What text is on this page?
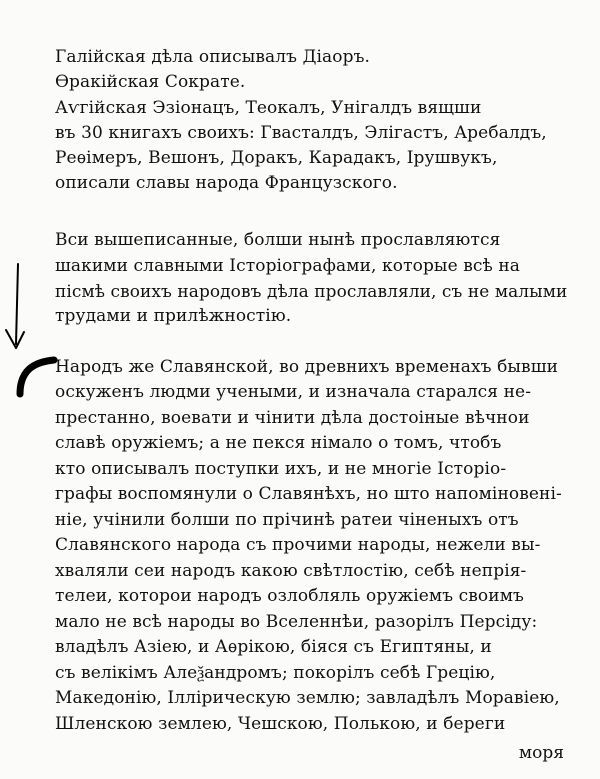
Галійская дѣла описывалъ Діаоръ.
Ѳракійская Сократе.
Аѵгійская Эзіонацъ, Теокалъ, Унігалдъ вящши
въ 30 книгахъ своихъ: Гвасталдъ, Элігастъ, Аребалдъ,
Реѳімеръ, Вешонъ, Доракъ, Карадакъ, Ірушвукъ,
описали славы народа Французского.
Вси вышеписанные, болши нынѣ прославляются
шакими славными Історіографами, которые всѣ на
пісмѣ своихъ народовъ дѣла прославляли, съ не малыми
трудами и прилѣжностію.
Народъ же Славянской, во древнихъ временахъ бывши
оскуженъ людми учеными, и изначала старался не-
престанно, воевати и чінити дѣла достоіные вѣчнои
славѣ оружіемъ; а не пекся німало о томъ, чтобъ
кто описывалъ поступки ихъ, и не многіе Історіо-
графы воспомянули о Славянѣхъ, но што напоміновені-
ніе, учінили болши по прічинѣ ратеи чіненыхъ отъ
Славянского народа съ прочими народы, нежели вы-
хваляли сеи народъ какою свѣтлостію, себѣ непрія-
телеи, которои народъ озлобляль оружіемъ своимъ
мало не всѣ народы во Вселеннѣи, разорілъ Персіду:
владѣлъ Азіею, и Аѳрікою, біяся съ Египтяны, и
съ велікімъ Алеѯандромъ; покорілъ себѣ Грецію,
Македонію, Іллірическую землю; завладѣлъ Моравіею,
Шленскою землею, Чешскою, Полькою, и береги
моря
